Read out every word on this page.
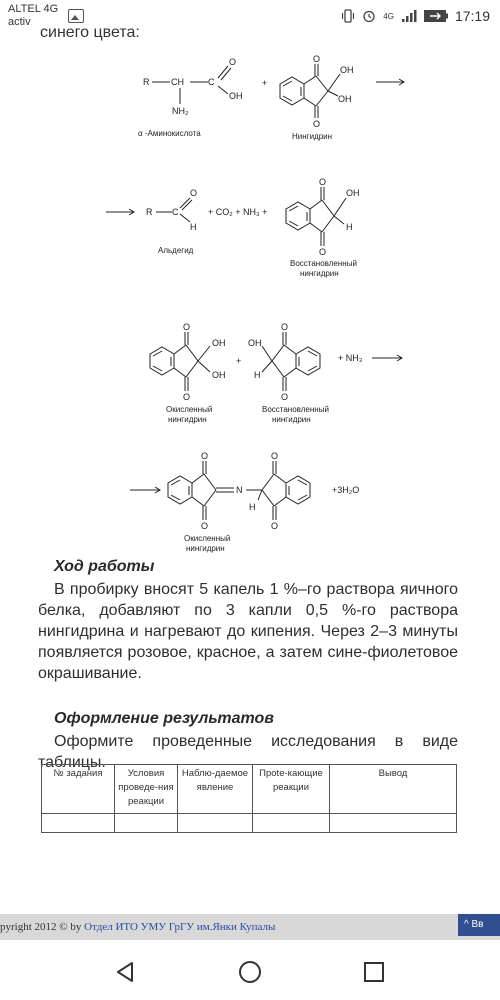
ALTEL 4G
activ	4G	17:19
синего цвета:
R CH	C
O
OH
NH₂
α -Аминокислота
+
O
O
OH
OH
Нингидрин
R C
O
H
+ CO₂ + NH₃ +
Альдегид
O
O
OH
H
Восстановленный
нингидрин
O
O
OH
OH
+
OH
H
O
O
+ NH₃
Окисленный
нингидрин
Восстановленный
нингидрин
O
O
N
H
O
O
+3H₂O
Окисленный
нингидрин
Ход работы

В пробирку вносят 5 капель 1 %–го раствора яичного белка, добавляют по 3 капли 0,5 %-го раствора нингидрина и нагревают до кипения. Через 2–3 минуты появляется розовое, красное, а затем сине-фиолетовое окрашивание.

Оформление результатов

Оформите проведенные исследования в виде таблицы.

№ задания	Условия проведе-ния реакции	Наблю-даемое явление	Прote-кающие реакции	Вывод

pyright 2012 © by Отдел ИТО УМУ ГрГУ им.Янки Купалы	^ Вв
